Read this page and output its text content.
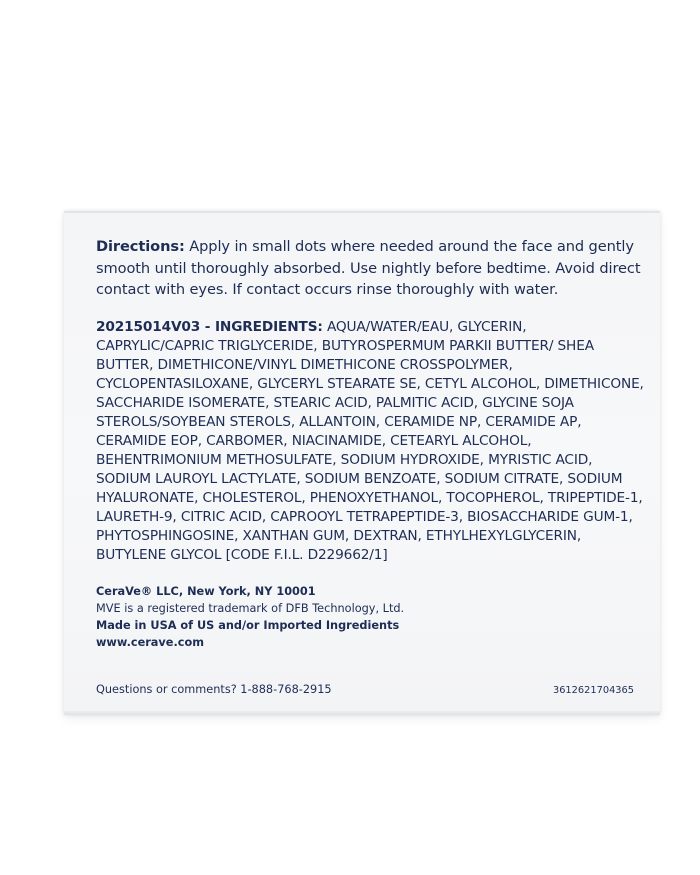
Directions: Apply in small dots where needed around the face and gently smooth until thoroughly absorbed. Use nightly before bedtime. Avoid direct contact with eyes. If contact occurs rinse thoroughly with water.

20215014V03 - INGREDIENTS: AQUA/WATER/EAU, GLYCERIN, CAPRYLIC/CAPRIC TRIGLYCERIDE, BUTYROSPERMUM PARKII BUTTER/ SHEA BUTTER, DIMETHICONE/VINYL DIMETHICONE CROSSPOLYMER, CYCLOPENTASILOXANE, GLYCERYL STEARATE SE, CETYL ALCOHOL, DIMETHICONE, SACCHARIDE ISOMERATE, STEARIC ACID, PALMITIC ACID, GLYCINE SOJA STEROLS/SOYBEAN STEROLS, ALLANTOIN, CERAMIDE NP, CERAMIDE AP, CERAMIDE EOP, CARBOMER, NIACINAMIDE, CETEARYL ALCOHOL, BEHENTRIMONIUM METHOSULFATE, SODIUM HYDROXIDE, MYRISTIC ACID, SODIUM LAUROYL LACTYLATE, SODIUM BENZOATE, SODIUM CITRATE, SODIUM HYALURONATE, CHOLESTEROL, PHENOXYETHANOL, TOCOPHEROL, TRIPEPTIDE-1, LAURETH-9, CITRIC ACID, CAPROOYL TETRAPEPTIDE-3, BIOSACCHARIDE GUM-1, PHYTOSPHINGOSINE, XANTHAN GUM, DEXTRAN, ETHYLHEXYLGLYCERIN, BUTYLENE GLYCOL [CODE F.I.L. D229662/1]
CeraVe® LLC, New York, NY 10001
MVE is a registered trademark of DFB Technology, Ltd.
Made in USA of US and/or Imported Ingredients
www.cerave.com
Questions or comments? 1-888-768-2915	3612621704365
